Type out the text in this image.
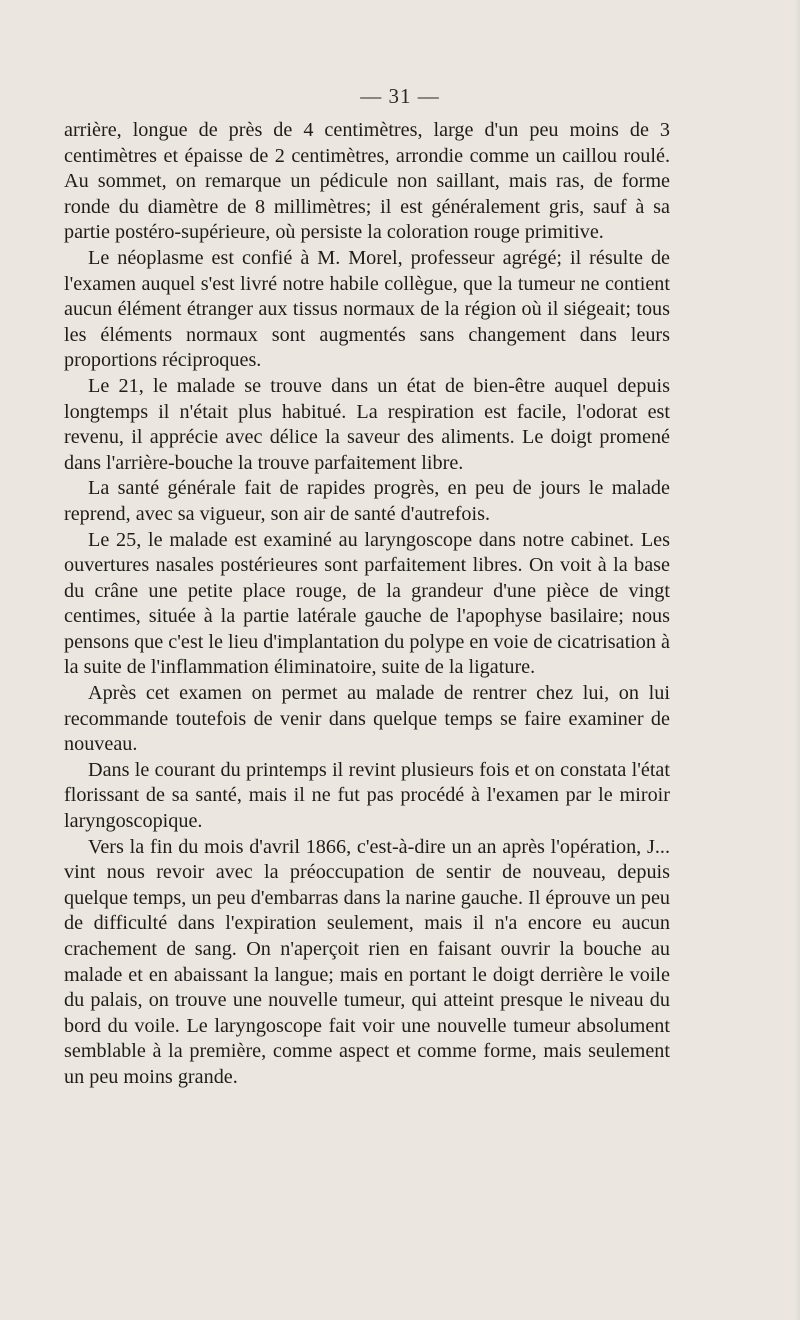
— 31 —

arrière, longue de près de 4 centimètres, large d'un peu moins de 3 centimètres et épaisse de 2 centimètres, arrondie comme un caillou roulé. Au sommet, on remarque un pédicule non saillant, mais ras, de forme ronde du diamètre de 8 millimètres; il est généralement gris, sauf à sa partie postéro-supérieure, où persiste la coloration rouge primitive.

Le néoplasme est confié à M. Morel, professeur agrégé; il résulte de l'examen auquel s'est livré notre habile collègue, que la tumeur ne contient aucun élément étranger aux tissus normaux de la région où il siégeait; tous les éléments normaux sont augmentés sans changement dans leurs proportions réciproques.

Le 21, le malade se trouve dans un état de bien-être auquel depuis longtemps il n'était plus habitué. La respiration est facile, l'odorat est revenu, il apprécie avec délice la saveur des aliments. Le doigt promené dans l'arrière-bouche la trouve parfaitement libre.

La santé générale fait de rapides progrès, en peu de jours le malade reprend, avec sa vigueur, son air de santé d'autrefois.

Le 25, le malade est examiné au laryngoscope dans notre cabinet. Les ouvertures nasales postérieures sont parfaitement libres. On voit à la base du crâne une petite place rouge, de la grandeur d'une pièce de vingt centimes, située à la partie latérale gauche de l'apophyse basilaire; nous pensons que c'est le lieu d'implantation du polype en voie de cicatrisation à la suite de l'inflammation éliminatoire, suite de la ligature.

Après cet examen on permet au malade de rentrer chez lui, on lui recommande toutefois de venir dans quelque temps se faire examiner de nouveau.

Dans le courant du printemps il revint plusieurs fois et on constata l'état florissant de sa santé, mais il ne fut pas procédé à l'examen par le miroir laryngoscopique.

Vers la fin du mois d'avril 1866, c'est-à-dire un an après l'opération, J... vint nous revoir avec la préoccupation de sentir de nouveau, depuis quelque temps, un peu d'embarras dans la narine gauche. Il éprouve un peu de difficulté dans l'expiration seulement, mais il n'a encore eu aucun crachement de sang. On n'aperçoit rien en faisant ouvrir la bouche au malade et en abaissant la langue; mais en portant le doigt derrière le voile du palais, on trouve une nouvelle tumeur, qui atteint presque le niveau du bord du voile. Le laryngoscope fait voir une nouvelle tumeur absolument semblable à la première, comme aspect et comme forme, mais seulement un peu moins grande.
